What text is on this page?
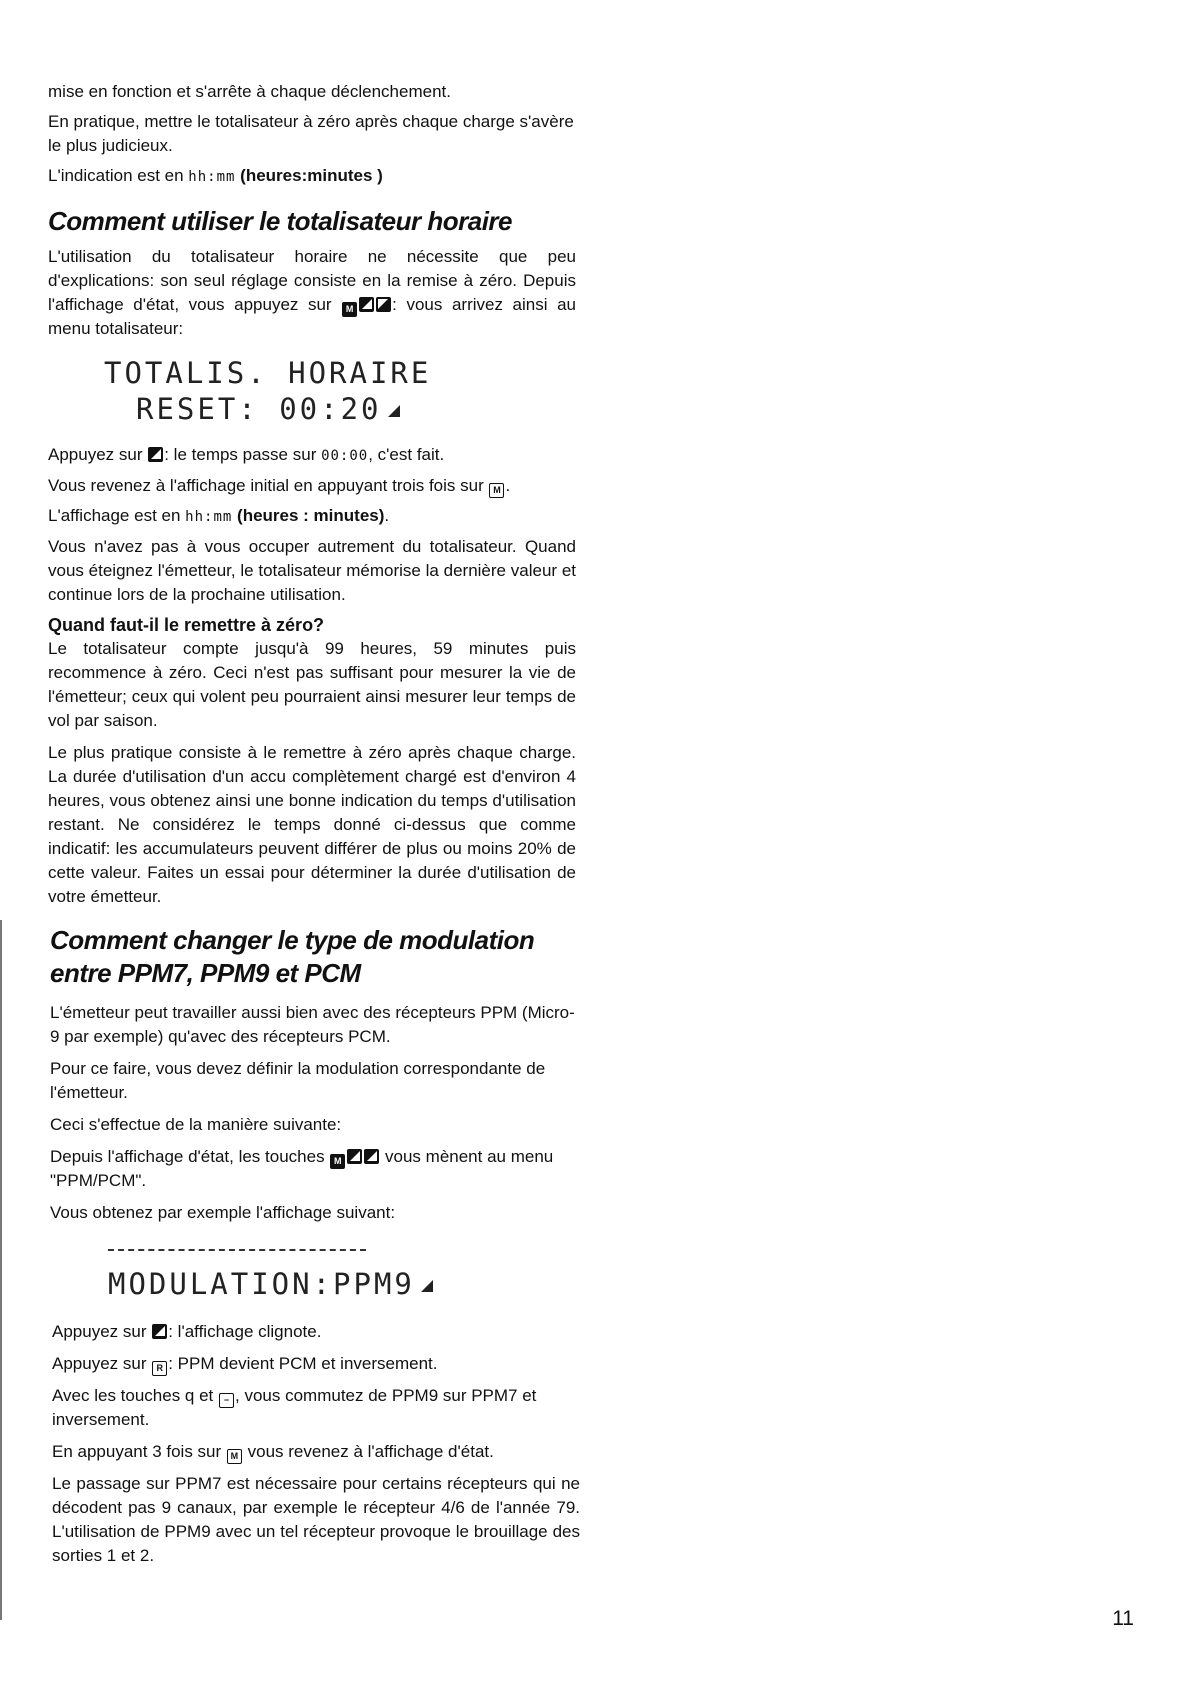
mise en fonction et s'arrête à chaque déclenchement.

En pratique, mettre le totalisateur à zéro après chaque charge s'avère le plus judicieux.

L'indication est en hh:mm (heures:minutes )

Comment utiliser le totalisateur horaire

L'utilisation du totalisateur horaire ne nécessite que peu d'explications: son seul réglage consiste en la remise à zéro. Depuis l'affichage d'état, vous appuyez sur M : vous arrivez ainsi au menu totalisateur:

TOTALIS. HORAIRE

RESET: 00:20

Appuyez sur : le temps passe sur 00:00, c'est fait.

Vous revenez à l'affichage initial en appuyant trois fois sur M .

L'affichage est en hh:mm (heures : minutes).

Vous n'avez pas à vous occuper autrement du totalisateur. Quand vous éteignez l'émetteur, le totalisateur mémorise la dernière valeur et continue lors de la prochaine utilisation.

Quand faut-il le remettre à zéro?

Le totalisateur compte jusqu'à 99 heures, 59 minutes puis recommence à zéro. Ceci n'est pas suffisant pour mesurer la vie de l'émetteur; ceux qui volent peu pourraient ainsi mesurer leur temps de vol par saison.

Le plus pratique consiste à le remettre à zéro après chaque charge. La durée d'utilisation d'un accu complètement chargé est d'environ 4 heures, vous obtenez ainsi une bonne indication du temps d'utilisation restant. Ne considérez le temps donné ci-dessus que comme indicatif: les accumulateurs peuvent différer de plus ou moins 20% de cette valeur. Faites un essai pour déterminer la durée d'utilisation de votre émetteur.

Comment changer le type de modulation
entre PPM7, PPM9 et PCM

L'émetteur peut travailler aussi bien avec des récepteurs PPM (Micro-9 par exemple) qu'avec des récepteurs PCM.

Pour ce faire, vous devez définir la modulation correspondante de l'émetteur.

Ceci s'effectue de la manière suivante:

Depuis l'affichage d'état, les touches M vous mènent au menu "PPM/PCM".

Vous obtenez par exemple l'affichage suivant:

MODULATION:PPM9

Appuyez sur : l'affichage clignote.

Appuyez sur R : PPM devient PCM et inversement.

Avec les touches q et − , vous commutez de PPM9 sur PPM7 et inversement.

En appuyant 3 fois sur M vous revenez à l'affichage d'état.

Le passage sur PPM7 est nécessaire pour certains récepteurs qui ne décodent pas 9 canaux, par exemple le récepteur 4/6 de l'année 79. L'utilisation de PPM9 avec un tel récepteur provoque le brouillage des sorties 1 et 2.

11
